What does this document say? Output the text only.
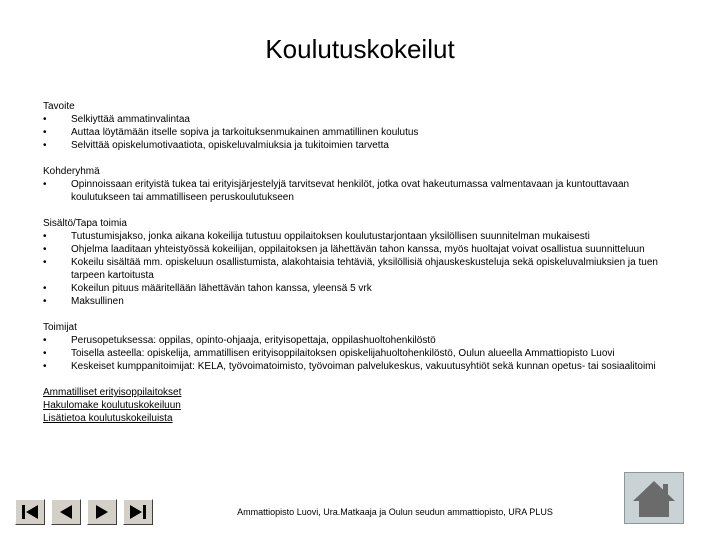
Koulutuskokeilut
Tavoite
• Selkiyttää ammatinvalintaa
• Auttaa löytämään itselle sopiva ja tarkoituksenmukainen ammatillinen koulutus
• Selvittää opiskelumotivaatiota, opiskeluvalmiuksia ja tukitoimien tarvetta
Kohderyhmä
• Opinnoissaan erityistä tukea tai erityisjärjestelyjä tarvitsevat henkilöt, jotka ovat hakeutumassa valmentavaan ja kuntouttavaan koulutukseen tai ammatilliseen peruskoulutukseen
Sisältö/Tapa toimia
• Tutustumisjakso, jonka aikana kokeilija tutustuu oppilaitoksen koulutustarjontaan yksilöllisen suunnitelman mukaisesti
• Ohjelma laaditaan yhteistyössä kokeilijan, oppilaitoksen ja lähettävän tahon kanssa, myös huoltajat voivat osallistua suunnitteluun
• Kokeilu sisältää mm. opiskeluun osallistumista, alakohtaisia tehtäviä, yksilöllisiä ohjauskeskusteluja sekä opiskeluvalmiuksien ja tuen tarpeen kartoitusta
• Kokeilun pituus määritellään lähettävän tahon kanssa, yleensä 5 vrk
• Maksullinen
Toimijat
• Perusopetuksessa: oppilas, opinto-ohjaaja, erityisopettaja, oppilashuoltohenkilöstö
• Toisella asteella: opiskelija, ammatillisen erityisoppilaitoksen opiskelijahuoltohenkilöstö, Oulun alueella Ammattiopisto Luovi
• Keskeiset kumppanitoimijat: KELA, työvoimatoimisto, työvoiman palvelukeskus, vakuutusyhtiöt sekä kunnan opetus- tai sosiaalitoimi
Ammatilliset erityisoppilaitokset
Hakulomake koulutuskokeiluun
Lisätietoa koulutuskokeiluista
Ammattiopisto Luovi, Ura.Matkaaja ja Oulun seudun ammattiopisto, URA PLUS
